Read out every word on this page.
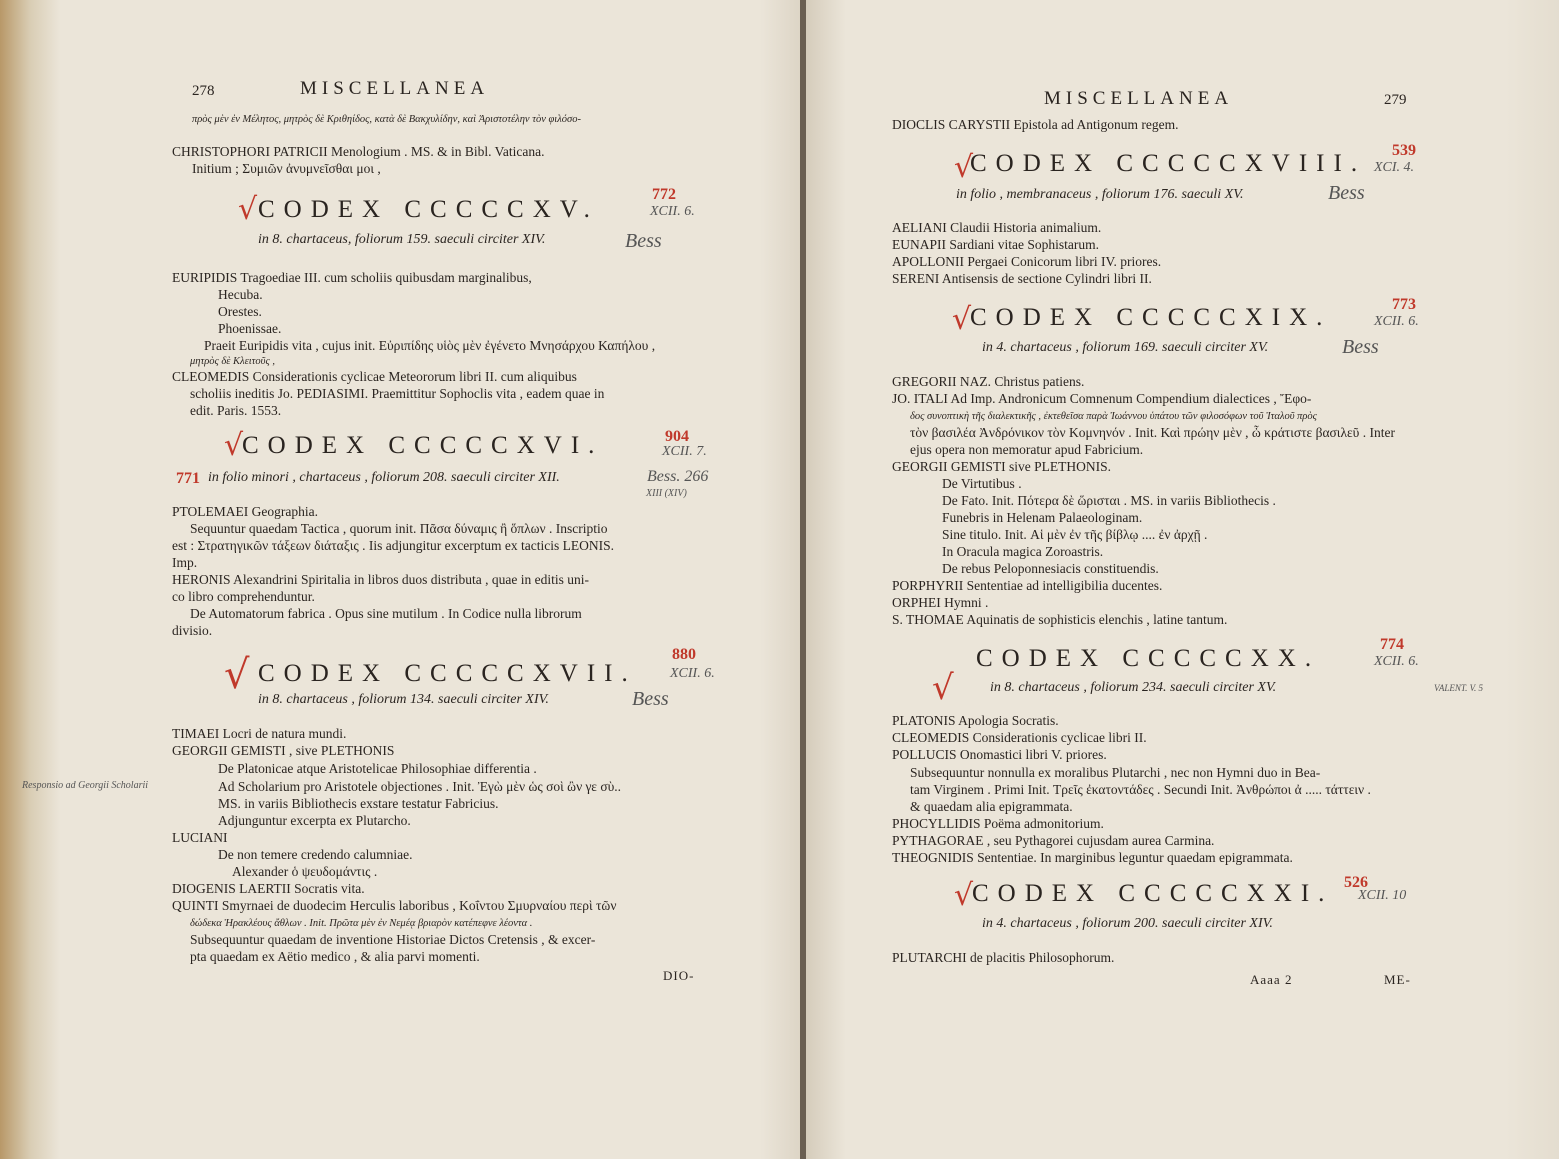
278	MISCELLANEA
πρὸς μὲν ἐν Μέλητος, μητρὸς δὲ Κριθηίδος, κατὰ δὲ Βακχυλίδην, καὶ Ἀριστοτέλην τὸν φιλόσο-
CHRISTOPHORI PATRICII Menologium . MS. & in Bibl. Vaticana.
Initium ; Συμιῶν ἀνυμνεῖσθαι μοι ,
√ CODEX CCCCCXV.
772
XCII. 6.
in 8. chartaceus, foliorum 159. saeculi circiter XIV.	Bess
EURIPIDIS Tragoediae III. cum scholiis quibusdam marginalibus,
Hecuba.
Orestes.
Phoenissae.
Praeit Euripidis vita , cujus init. Εὐριπίδης υἱὸς μὲν ἐγένετο Μνησάρχου Καπήλου ,
μητρὸς δὲ Κλειτοῦς ,
CLEOMEDIS Considerationis cyclicae Meteororum libri II. cum aliquibus
scholiis ineditis Jo. PEDIASIMI. Praemittitur Sophoclis vita , eadem quae in
edit. Paris. 1553.
√
CODEX CCCCCXVI.	904
XCII. 7.
771 in folio minori , chartaceus , foliorum 208. saeculi circiter XII.	Bess. 266
XIII (XIV)
PTOLEMAEI Geographia.
Sequuntur quaedam Tactica , quorum init. Πᾶσα δύναμις ἢ ὅπλων . Inscriptio
est : Στρατηγικῶν τάξεων διάταξις . Iis adjungitur excerptum ex tacticis LEONIS.
Imp.
HERONIS Alexandrini Spiritalia in libros duos distributa , quae in editis uni-
co libro comprehenduntur.
De Automatorum fabrica . Opus sine mutilum . In Codice nulla librorum
divisio.
√ CODEX CCCCCXVII.
880
XCII. 6.
in 8. chartaceus , foliorum 134. saeculi circiter XIV.	Bess
TIMAEI Locri de natura mundi.
GEORGII GEMISTI , sive PLETHONIS
De Platonicae atque Aristotelicae Philosophiae differentia .
Responsio ad Georgii Scholarii	Ad Scholarium pro Aristotele objectiones . Init. Ἐγὼ μὲν ὡς σοὶ ὢν γε σὺ..
MS. in variis Bibliothecis exstare testatur Fabricius.
Adjunguntur excerpta ex Plutarcho.
LUCIANI
De non temere credendo calumniae.
Alexander ὁ ψευδομάντις .
DIOGENIS LAERTII Socratis vita.
QUINTI Smyrnaei de duodecim Herculis laboribus , Κοΐντου Σμυρναίου περὶ τῶν
δώδεκα Ἡρακλέους ἄθλων . Init. Πρῶτα μὲν ἐν Νεμέᾳ βριαρὸν κατέπεφνε λέοντα .
Subsequuntur quaedam de inventione Historiae Dictos Cretensis , & excer-
pta quaedam ex Aëtio medico , & alia parvi momenti.
DIO-
MISCELLANEA	279
DIOCLIS CARYSTII Epistola ad Antigonum regem.
√
CODEX CCCCCXVIII. 539
XCI. 4.
in folio , membranaceus , foliorum 176. saeculi XV.	Bess
AELIANI Claudii Historia animalium.
EUNAPII Sardiani vitae Sophistarum.
APOLLONII Pergaei Conicorum libri IV. priores.
SERENI Antisensis de sectione Cylindri libri II.
√
CODEX CCCCCXIX.	773
XCII. 6.
in 4. chartaceus , foliorum 169. saeculi circiter XV.	Bess
GREGORII NAZ. Christus patiens.
JO. ITALI Ad Imp. Andronicum Comnenum Compendium dialectices , Ἔφο-
δος συνοπτικὴ τῆς διαλεκτικῆς , ἐκτεθεῖσα παρὰ Ἰωάννου ὑπάτου τῶν φιλοσόφων τοῦ Ἰταλοῦ πρὸς
τὸν βασιλέα Ἀνδρόνικον τὸν Κομνηνόν . Init. Καὶ πρώην μὲν , ὦ κράτιστε βασιλεῦ . Inter
ejus opera non memoratur apud Fabricium.
GEORGII GEMISTI sive PLETHONIS.
De Virtutibus .
De Fato. Init. Πότερα δὲ ὥρισται . MS. in variis Bibliothecis .
Funebris in Helenam Palaeologinam.
Sine titulo. Init. Αἱ μὲν ἐν τῆς βίβλῳ .... ἐν ἀρχῇ .
In Oracula magica Zoroastris.
De rebus Peloponnesiacis constituendis.
PORPHYRII Sententiae ad intelligibilia ducentes.
ORPHEI Hymni .
S. THOMAE Aquinatis de sophisticis elenchis , latine tantum.
CODEX CCCCCXX.
774
XCII. 6.
√	in 8. chartaceus , foliorum 234. saeculi circiter XV.	VALENT. V. 5
PLATONIS Apologia Socratis.
CLEOMEDIS Considerationis cyclicae libri II.
POLLUCIS Onomastici libri V. priores.
Subsequuntur nonnulla ex moralibus Plutarchi , nec non Hymni duo in Bea-
tam Virginem . Primi Init. Τρεῖς ἐκατοντάδες . Secundi Init. Ἀνθρώποι ἀ ..... τάττειν .
& quaedam alia epigrammata.
PHOCYLLIDIS Poëma admonitorium.
PYTHAGORAE , seu Pythagorei cujusdam aurea Carmina.
THEOGNIDIS Sententiae. In marginibus leguntur quaedam epigrammata.
√
CODEX CCCCCXXI. 526
XCII. 10
in 4. chartaceus , foliorum 200. saeculi circiter XIV.
PLUTARCHI de placitis Philosophorum.
Aaaa 2	ME-
